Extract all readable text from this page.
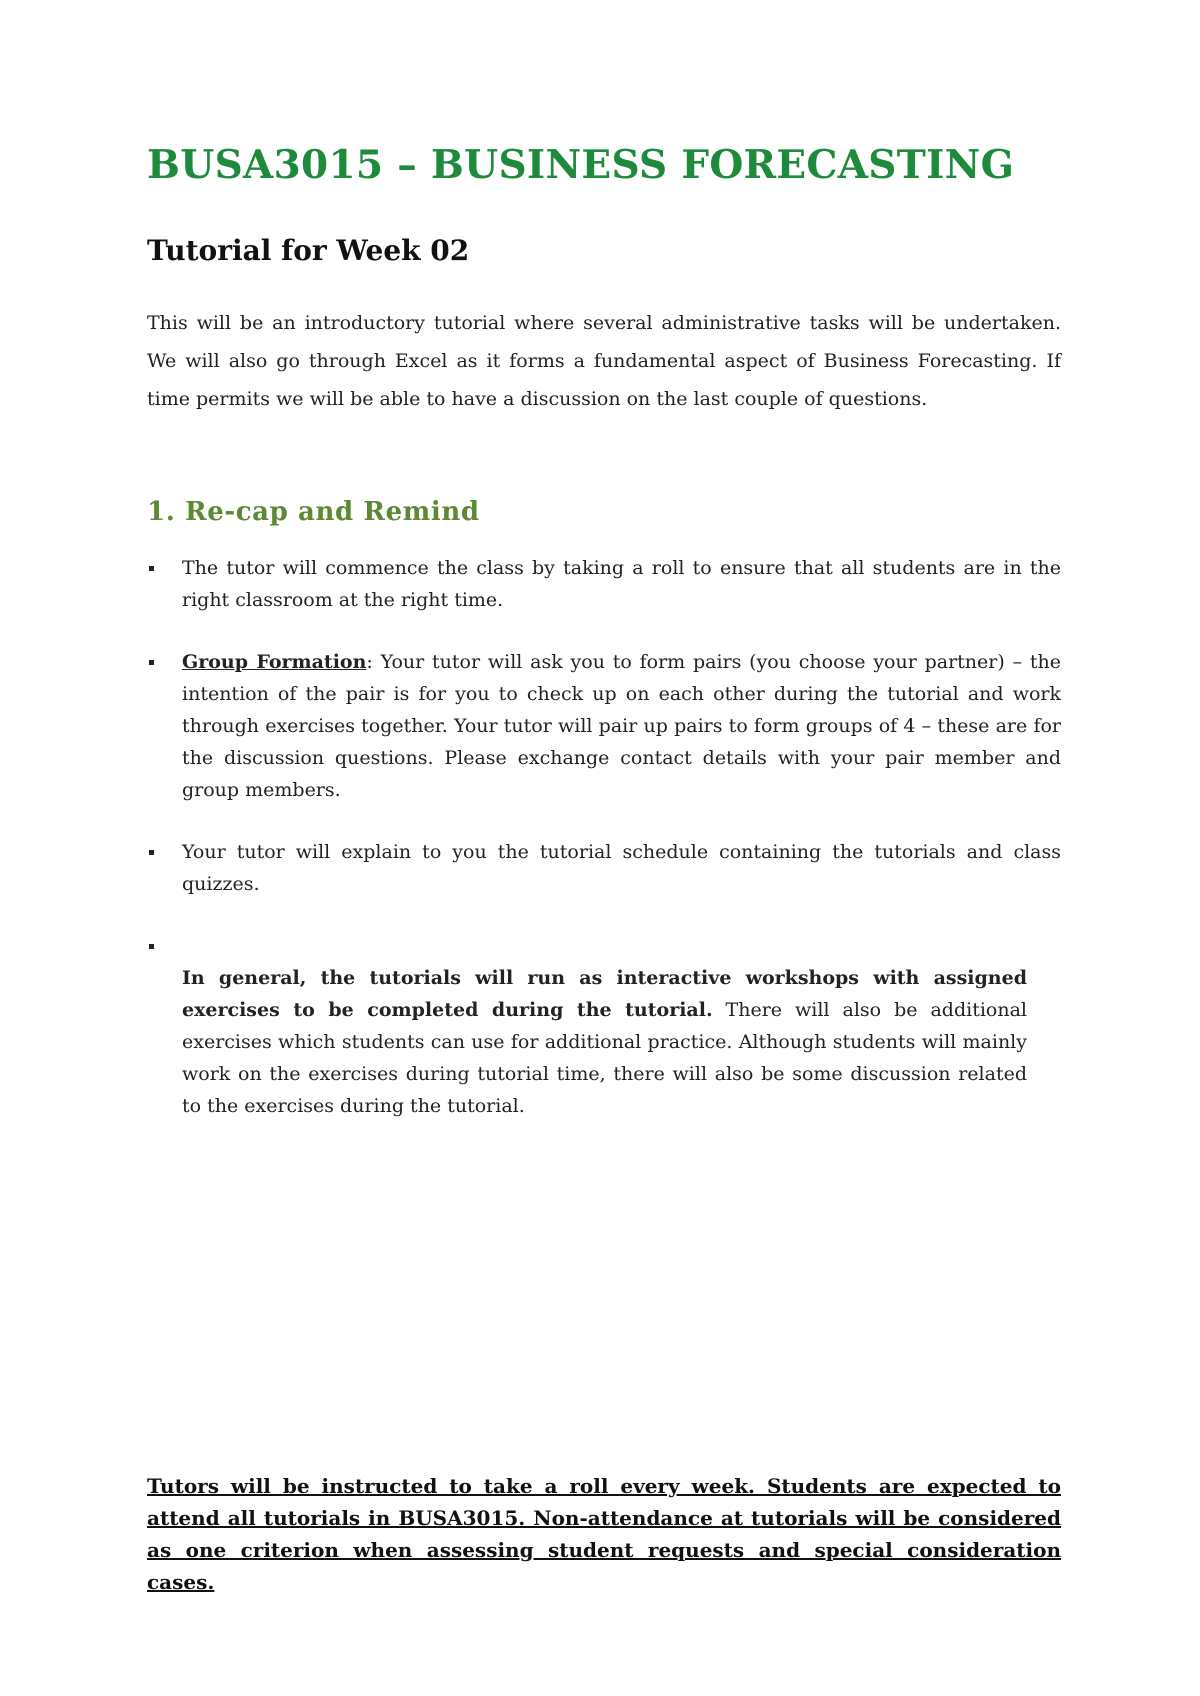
BUSA3015 – BUSINESS FORECASTING
Tutorial for Week 02

This will be an introductory tutorial where several administrative tasks will be undertaken. We will also go through Excel as it forms a fundamental aspect of Business Forecasting. If time permits we will be able to have a discussion on the last couple of questions.

1. Re-cap and Remind
The tutor will commence the class by taking a roll to ensure that all students are in the right classroom at the right time.
Group Formation: Your tutor will ask you to form pairs (you choose your partner) – the intention of the pair is for you to check up on each other during the tutorial and work through exercises together. Your tutor will pair up pairs to form groups of 4 – these are for the discussion questions. Please exchange contact details with your pair member and group members.
Your tutor will explain to you the tutorial schedule containing the tutorials and class quizzes.
In general, the tutorials will run as interactive workshops with assigned exercises to be completed during the tutorial. There will also be additional exercises which students can use for additional practice. Although students will mainly work on the exercises during tutorial time, there will also be some discussion related to the exercises during the tutorial.

Tutors will be instructed to take a roll every week. Students are expected to attend all tutorials in BUSA3015. Non-attendance at tutorials will be considered as one criterion when assessing student requests and special consideration cases.
